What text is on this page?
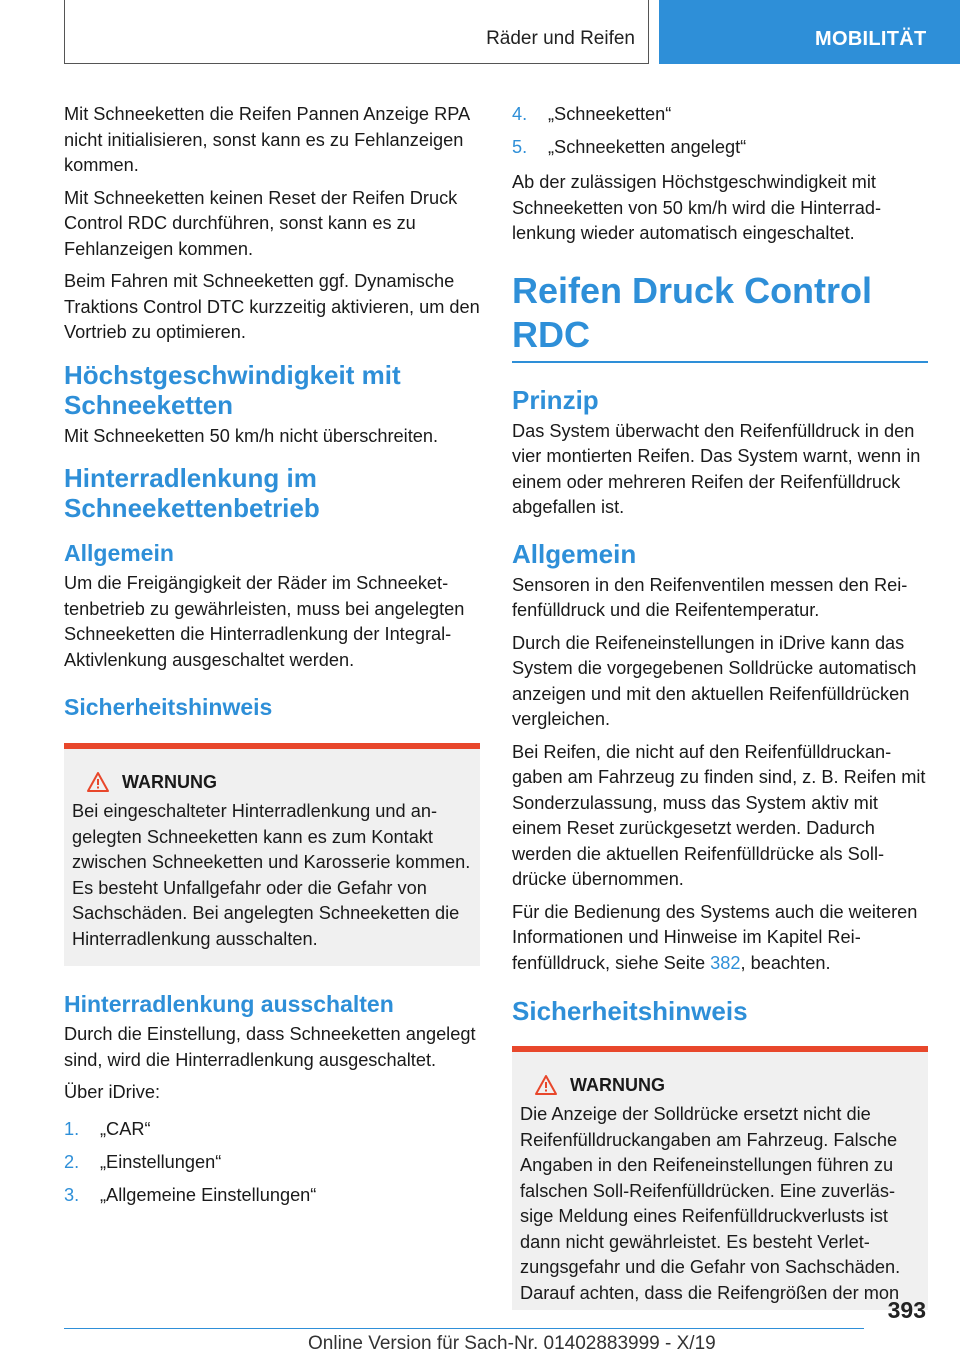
Räder und Reifen	MOBILITÄT

Mit Schneeketten die Reifen Pannen Anzeige RPA nicht initialisieren, sonst kann es zu Fehlanzeigen kommen.

Mit Schneeketten keinen Reset der Reifen Druck Control RDC durchführen, sonst kann es zu Fehlanzeigen kommen.

Beim Fahren mit Schneeketten ggf. Dynamische Traktions Control DTC kurzzeitig aktivieren, um den Vortrieb zu optimieren.

Höchstgeschwindigkeit mit Schneeketten

Mit Schneeketten 50 km/h nicht überschreiten.

Hinterradlenkung im Schneekettenbetrieb
Allgemein

Um die Freigängigkeit der Räder im Schneekettenbetrieb zu gewährleisten, muss bei angelegten Schneeketten die Hinterradlenkung der Integral-Aktivlenkung ausgeschaltet werden.

Sicherheitshinweis
WARNUNG

Bei eingeschalteter Hinterradlenkung und angelegten Schneeketten kann es zum Kontakt zwischen Schneeketten und Karosserie kommen. Es besteht Unfallgefahr oder die Gefahr von Sachschäden. Bei angelegten Schneeketten die Hinterradlenkung ausschalten.

Hinterradlenkung ausschalten

Durch die Einstellung, dass Schneeketten angelegt sind, wird die Hinterradlenkung ausgeschaltet.

Über iDrive:

1.	„CAR“
2.	„Einstellungen“
3.	„Allgemeine Einstellungen“
4.	„Schneeketten“
5.	„Schneeketten angelegt“

Ab der zulässigen Höchstgeschwindigkeit mit Schneeketten von 50 km/h wird die Hinterradlenkung wieder automatisch eingeschaltet.

Reifen Druck Control RDC
Prinzip

Das System überwacht den Reifenfülldruck in den vier montierten Reifen. Das System warnt, wenn in einem oder mehreren Reifen der Reifenfülldruck abgefallen ist.

Allgemein

Sensoren in den Reifenventilen messen den Reifenfülldruck und die Reifentemperatur.

Durch die Reifeneinstellungen in iDrive kann das System die vorgegebenen Solldrücke automatisch anzeigen und mit den aktuellen Reifenfülldrücken vergleichen.

Bei Reifen, die nicht auf den Reifenfülldruckangaben am Fahrzeug zu finden sind, z. B. Reifen mit Sonderzulassung, muss das System aktiv mit einem Reset zurückgesetzt werden. Dadurch werden die aktuellen Reifenfülldrücke als Solldrücke übernommen.

Für die Bedienung des Systems auch die weiteren Informationen und Hinweise im Kapitel Reifenfülldruck, siehe Seite 382, beachten.

Sicherheitshinweis
WARNUNG

Die Anzeige der Solldrücke ersetzt nicht die Reifenfülldruckangaben am Fahrzeug. Falsche Angaben in den Reifeneinstellungen führen zu falschen Soll-Reifenfülldrücken. Eine zuverlässige Meldung eines Reifenfülldruckverlusts ist dann nicht gewährleistet. Es besteht Verletzungsgefahr und die Gefahr von Sachschäden. Darauf achten, dass die Reifengrößen der mon

393
Online Version für Sach-Nr. 01402883999 - X/19
